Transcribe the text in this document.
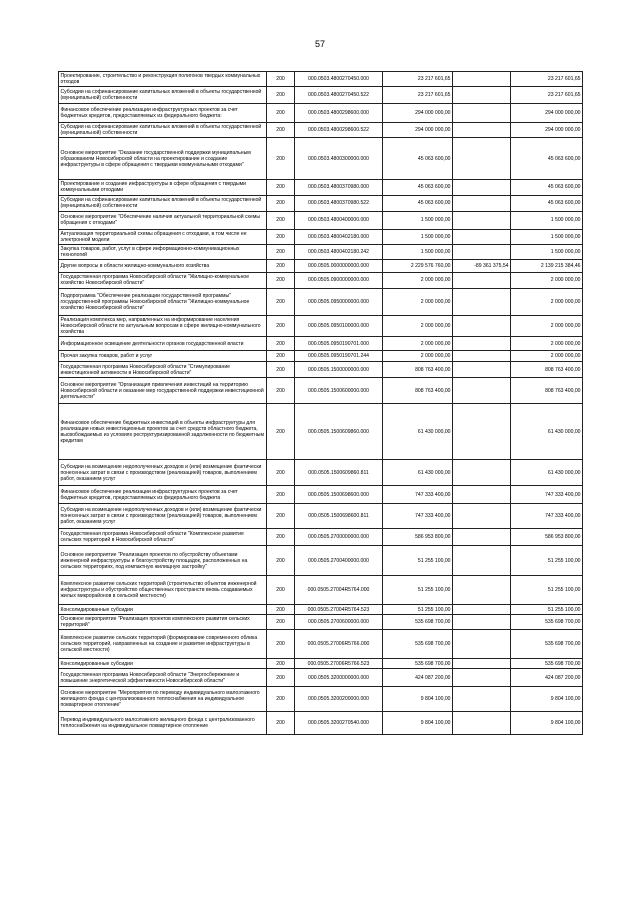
57
Проектирование, строительство и реконструкция полигонов твердых коммунальных отходов	200	000.0503.4800270450.000	23 217 601,65		23 217 601,65
Субсидии на софинансирование капитальных вложений в объекты государственной (муниципальной) собственности	200	000.0503.4800270450.522	23 217 601,65		23 217 601,65
Финансовое обеспечение реализации инфраструктурных проектов за счет бюджетных кредитов, предоставляемых из федерального бюджета:	200	000.0503.4800298600.000	294 000 000,00		294 000 000,00
Субсидии на софинансирование капитальных вложений в объекты государственной (муниципальной) собственности	200	000.0503.4800298600.522	294 000 000,00		294 000 000,00
Основное мероприятие "Оказание государственной поддержки муниципальным образованиям Новосибирской области на проектирование и создание инфраструктуры в сфере обращения с твердыми коммунальными отходами"	200	000.0503.4800300000.000	45 063 600,00		45 063 600,00
Проектирование и создание инфраструктуры в сфере обращения с твердыми коммунальными отходами	200	000.0503.4800370980.000	45 063 600,00		45 063 600,00
Субсидии на софинансирование капитальных вложений в объекты государственной (муниципальной) собственности	200	000.0503.4800370980.522	45 063 600,00		45 063 600,00
Основное мероприятие "Обеспечение наличия актуальной территориальной схемы обращения с отходами"	200	000.0503.4800400000.000	1 500 000,00		1 500 000,00
Актуализация территориальной схемы обращения с отходами, в том числе ее электронной модели	200	000.0503.4800402180.000	1 500 000,00		1 500 000,00
Закупка товаров, работ, услуг в сфере информационно-коммуникационных технологий	200	000.0503.4800402180.242	1 500 000,00		1 500 000,00
Другие вопросы в области жилищно-коммунального хозяйства	200	000.0505.0000000000.000	2 229 576 760,00	-89 361 375,54	2 139 215 384,46
Государственная программа Новосибирской области "Жилищно-коммунальное хозяйство Новосибирской области"	200	000.0505.0900000000.000	2 000 000,00		2 000 000,00
Подпрограмма "Обеспечение реализации государственной программы" государственной программы Новосибирской области "Жилищно-коммунальное хозяйство Новосибирской области"	200	000.0505.0950000000.000	2 000 000,00		2 000 000,00
Реализация комплекса мер, направленных на информирование населения Новосибирской области по актуальным вопросам в сфере жилищно-коммунального хозяйства	200	000.0505.0950100000.000	2 000 000,00		2 000 000,00
Информационное освещение деятельности органов государственной власти	200	000.0505.0950190701.000	2 000 000,00		2 000 000,00
Прочая закупка товаров, работ и услуг	200	000.0505.0950190701.244	2 000 000,00		2 000 000,00
Государственная программа Новосибирской области "Стимулирование инвестиционной активности в Новосибирской области"	200	000.0505.1500000000.000	808 763 400,00		808 763 400,00
Основное мероприятие "Организация привлечения инвестиций на территорию Новосибирской области и оказание мер государственной поддержки инвестиционной деятельности"	200	000.0505.1500600000.000	808 763 400,00		808 763 400,00
Финансовое обеспечение бюджетных инвестиций в объекты инфраструктуры для реализации новых инвестиционных проектов за счет средств областного бюджета, высвобождаемых из условиях реструктуризированной задолженности по бюджетным кредитам	200	000.0505.1500609860.000	61 430 000,00		61 430 000,00
Субсидии на возмещение недополученных доходов и (или) возмещение фактически понесенных затрат в связи с производством (реализацией) товаров, выполнением работ, оказанием услуг	200	000.0505.1500609860.811	61 430 000,00		61 430 000,00
Финансовое обеспечение реализации инфраструктурных проектов за счет бюджетных кредитов, предоставляемых из федерального бюджета	200	000.0505.1500698600.000	747 333 400,00		747 333 400,00
Субсидии на возмещение недополученных доходов и (или) возмещение фактически понесенных затрат в связи с производством (реализацией) товаров, выполнением работ, оказанием услуг	200	000.0505.1500698600.811	747 333 400,00		747 333 400,00
Государственная программа Новосибирской области "Комплексное развитие сельских территорий в Новосибирской области"	200	000.0505.2700000000.000	586 953 800,00		586 953 800,00
Основное мероприятие "Реализация проектов по обустройству объектами инженерной инфраструктуры и благоустройству площадок, расположенных на сельских территориях, под компактную жилищную застройку"	200	000.0505.2700400000.000	51 255 100,00		51 255 100,00
Комплексное развитие сельских территорий (строительство объектов инженерной инфраструктуры и обустройство общественных пространств вновь создаваемых жилых микрорайонов в сельской местности)	200	000.0505.27004R5764.000	51 255 100,00		51 255 100,00
Консолидированные субсидии	200	000.0505.27004R5764.523	51 255 100,00		51 255 100,00
Основное мероприятие "Реализация проектов комплексного развития сельских территорий"	200	000.0505.2700600000.000	535 698 700,00		535 698 700,00
Комплексное развитие сельских территорий (формирование современного облика сельских территорий, направленных на создание и развитие инфраструктуры в сельской местности)	200	000.0505.27006R5766.000	535 698 700,00		535 698 700,00
Консолидированные субсидии	200	000.0505.27006R5766.523	535 698 700,00		535 698 700,00
Государственная программа Новосибирской области "Энергосбережение и повышение энергетической эффективности Новосибирской области"	200	000.0505.3200000000.000	424 087 200,00		424 087 200,00
Основное мероприятие "Мероприятия по переводу индивидуального малоэтажного жилищного фонда с централизованного теплоснабжения на индивидуальное поквартирное отопление"	200	000.0505.3200200000.000	9 804 100,00		9 804 100,00
Перевод индивидуального малоэтажного жилищного фонда с централизованного теплоснабжения на индивидуальное поквартирное отопление	200	000.0505.3200270540.000	9 804 100,00		9 804 100,00
